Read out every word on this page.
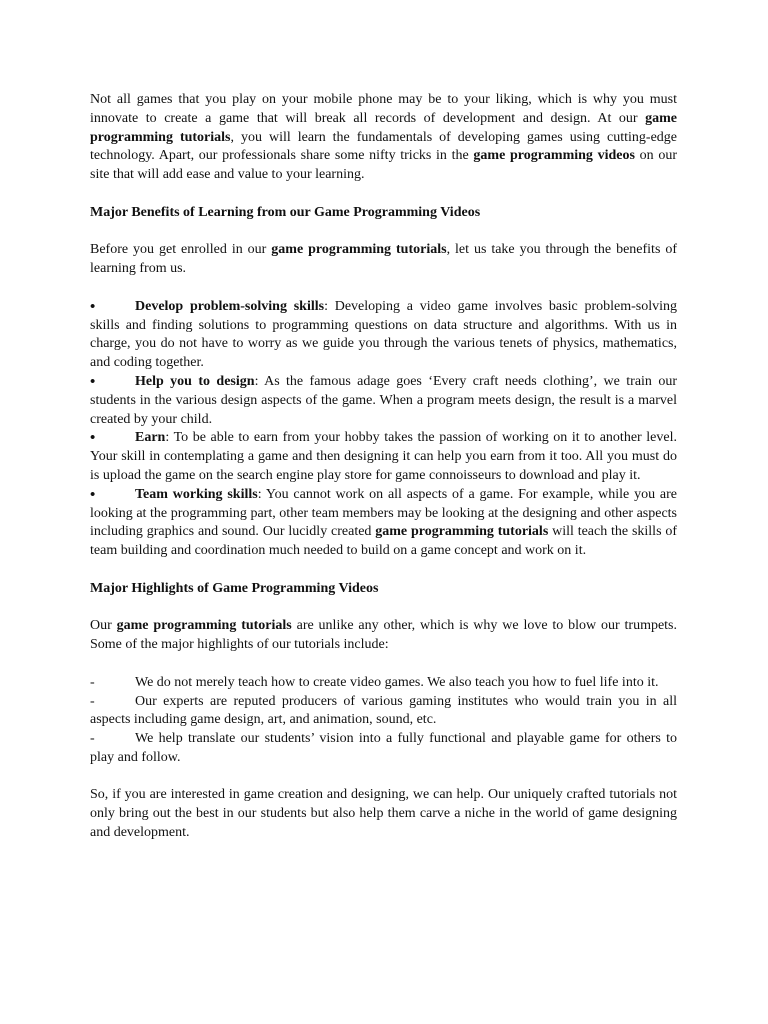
Not all games that you play on your mobile phone may be to your liking, which is why you must innovate to create a game that will break all records of development and design. At our game programming tutorials, you will learn the fundamentals of developing games using cutting-edge technology. Apart, our professionals share some nifty tricks in the game programming videos on our site that will add ease and value to your learning.

Major Benefits of Learning from our Game Programming Videos

Before you get enrolled in our game programming tutorials, let us take you through the benefits of learning from us.

•	Develop problem-solving skills: Developing a video game involves basic problem-solving skills and finding solutions to programming questions on data structure and algorithms. With us in charge, you do not have to worry as we guide you through the various tenets of physics, mathematics, and coding together.

•	Help you to design: As the famous adage goes ‘Every craft needs clothing’, we train our students in the various design aspects of the game. When a program meets design, the result is a marvel created by your child.

•	Earn: To be able to earn from your hobby takes the passion of working on it to another level. Your skill in contemplating a game and then designing it can help you earn from it too. All you must do is upload the game on the search engine play store for game connoisseurs to download and play it.

•	Team working skills: You cannot work on all aspects of a game. For example, while you are looking at the programming part, other team members may be looking at the designing and other aspects including graphics and sound. Our lucidly created game programming tutorials will teach the skills of team building and coordination much needed to build on a game concept and work on it.

Major Highlights of Game Programming Videos

Our game programming tutorials are unlike any other, which is why we love to blow our trumpets. Some of the major highlights of our tutorials include:

-	We do not merely teach how to create video games. We also teach you how to fuel life into it.

-	Our experts are reputed producers of various gaming institutes who would train you in all aspects including game design, art, and animation, sound, etc.

-	We help translate our students’ vision into a fully functional and playable game for others to play and follow.

So, if you are interested in game creation and designing, we can help. Our uniquely crafted tutorials not only bring out the best in our students but also help them carve a niche in the world of game designing and development.
